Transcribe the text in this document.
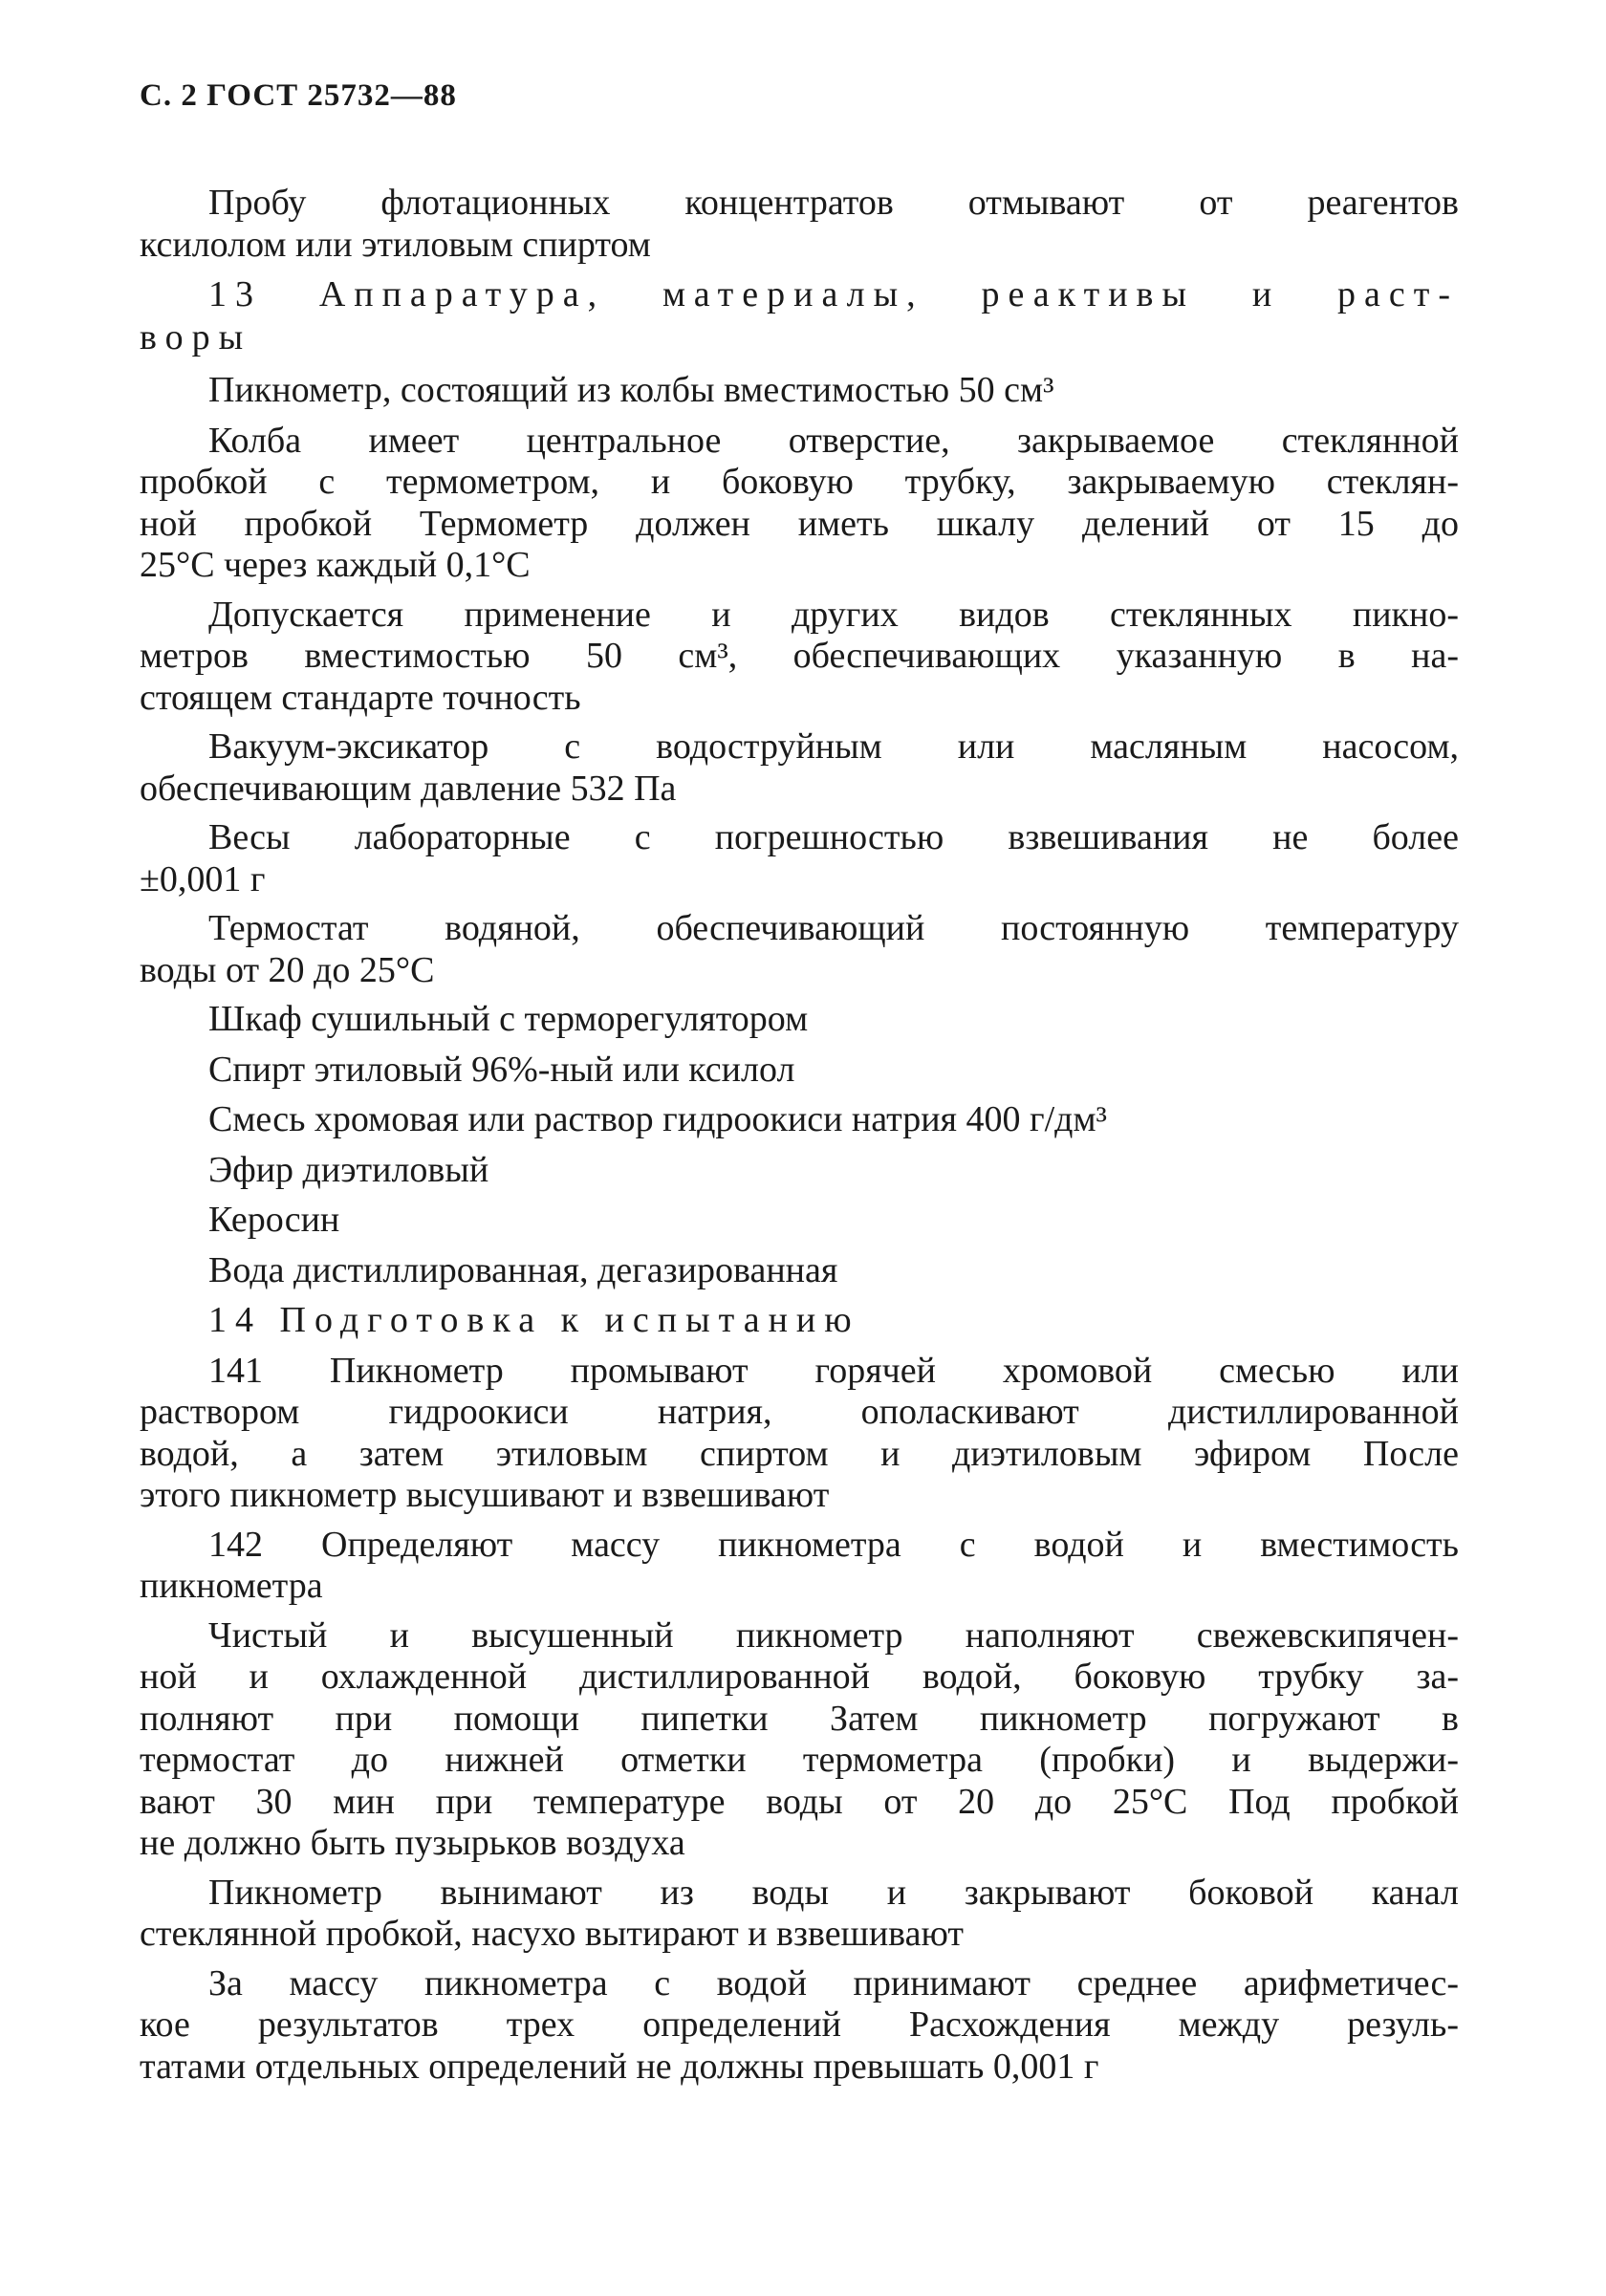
С. 2 ГОСТ 25732—88
Пробу флотационных концентратов отмывают от реагентов
ксилолом или этиловым спиртом
13 Аппаратура, материалы, реактивы и раст-
воры
Пикнометр, состоящий из колбы вместимостью 50 см³
Колба имеет центральное отверстие, закрываемое стеклянной
пробкой с термометром, и боковую трубку, закрываемую стеклян-
ной пробкой Термометр должен иметь шкалу делений от 15 до
25°С через каждый 0,1°С
Допускается применение и других видов стеклянных пикно-
метров вместимостью 50 см³, обеспечивающих указанную в на-
стоящем стандарте точность
Вакуум-эксикатор с водоструйным или масляным насосом,
обеспечивающим давление 532 Па
Весы лабораторные с погрешностью взвешивания не более
±0,001 г
Термостат водяной, обеспечивающий постоянную температуру
воды от 20 до 25°С
Шкаф сушильный с терморегулятором
Спирт этиловый 96%-ный или ксилол
Смесь хромовая или раствор гидроокиси натрия 400 г/дм³
Эфир диэтиловый
Керосин
Вода дистиллированная, дегазированная
14 Подготовка к испытанию
141 Пикнометр промывают горячей хромовой смесью или
раствором гидроокиси натрия, ополаскивают дистиллированной
водой, а затем этиловым спиртом и диэтиловым эфиром После
этого пикнометр высушивают и взвешивают
142 Определяют массу пикнометра с водой и вместимость
пикнометра
Чистый и высушенный пикнометр наполняют свежевскипячен-
ной и охлажденной дистиллированной водой, боковую трубку за-
полняют при помощи пипетки Затем пикнометр погружают в
термостат до нижней отметки термометра (пробки) и выдержи-
вают 30 мин при температуре воды от 20 до 25°С Под пробкой
не должно быть пузырьков воздуха
Пикнометр вынимают из воды и закрывают боковой канал
стеклянной пробкой, насухо вытирают и взвешивают
За массу пикнометра с водой принимают среднее арифметичес-
кое результатов трех определений Расхождения между резуль-
татами отдельных определений не должны превышать 0,001 г
